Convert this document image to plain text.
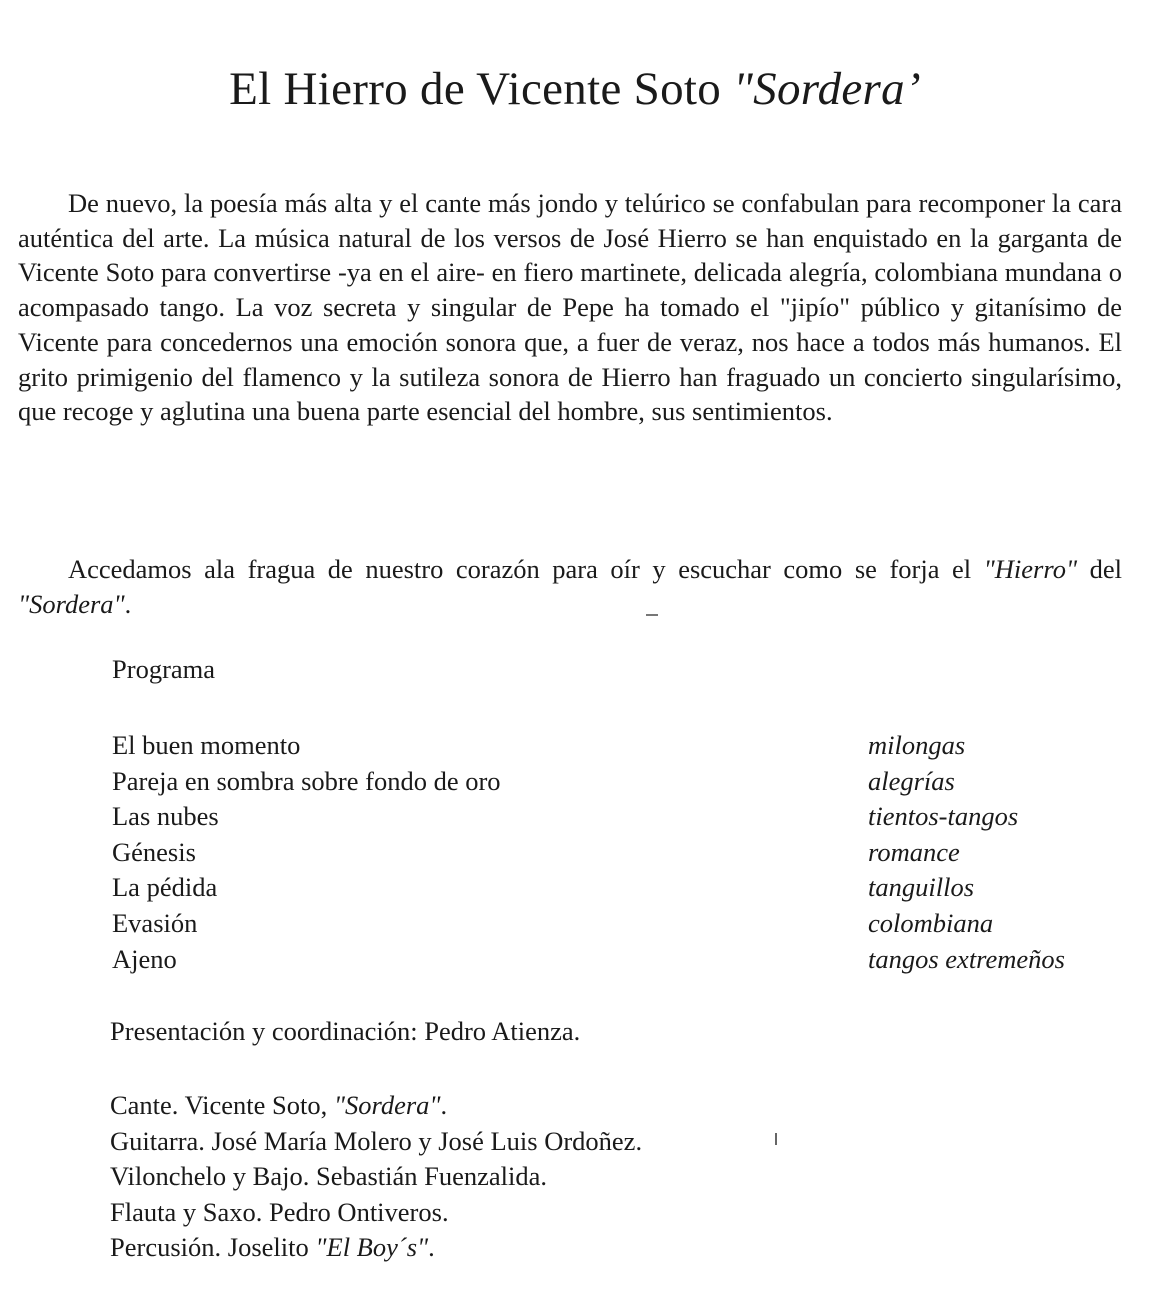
El Hierro de Vicente Soto "Sordera’
De nuevo, la poesía más alta y el cante más jondo y telúrico se confabulan para recomponer la cara auténtica del arte. La música natural de los versos de José Hierro se han enquistado en la garganta de Vicente Soto para convertirse -ya en el aire- en fiero martinete, delicada alegría, colombiana mundana o acompasado tango. La voz secreta y singular de Pepe ha tomado el "jipío" público y gitanísimo de Vicente para concedernos una emoción sonora que, a fuer de veraz, nos hace a todos más humanos. El grito primigenio del flamenco y la sutileza sonora de Hierro han fraguado un concierto singularísimo, que recoge y aglutina una buena parte esencial del hombre, sus sentimientos.
Accedamos ala fragua de nuestro corazón para oír y escuchar como se forja el "Hierro" del "Sordera".
Programa
El buen momento	milongas
Pareja en sombra sobre fondo de oro	alegrías
Las nubes	tientos-tangos
Génesis	romance
La pédida	tanguillos
Evasión	colombiana
Ajeno	tangos extremeños
Presentación y coordinación: Pedro Atienza.
Cante. Vicente Soto, "Sordera".
Guitarra. José María Molero y José Luis Ordoñez.
Vilonchelo y Bajo. Sebastián Fuenzalida.
Flauta y Saxo. Pedro Ontiveros.
Percusión. Joselito "El Boy´s".
